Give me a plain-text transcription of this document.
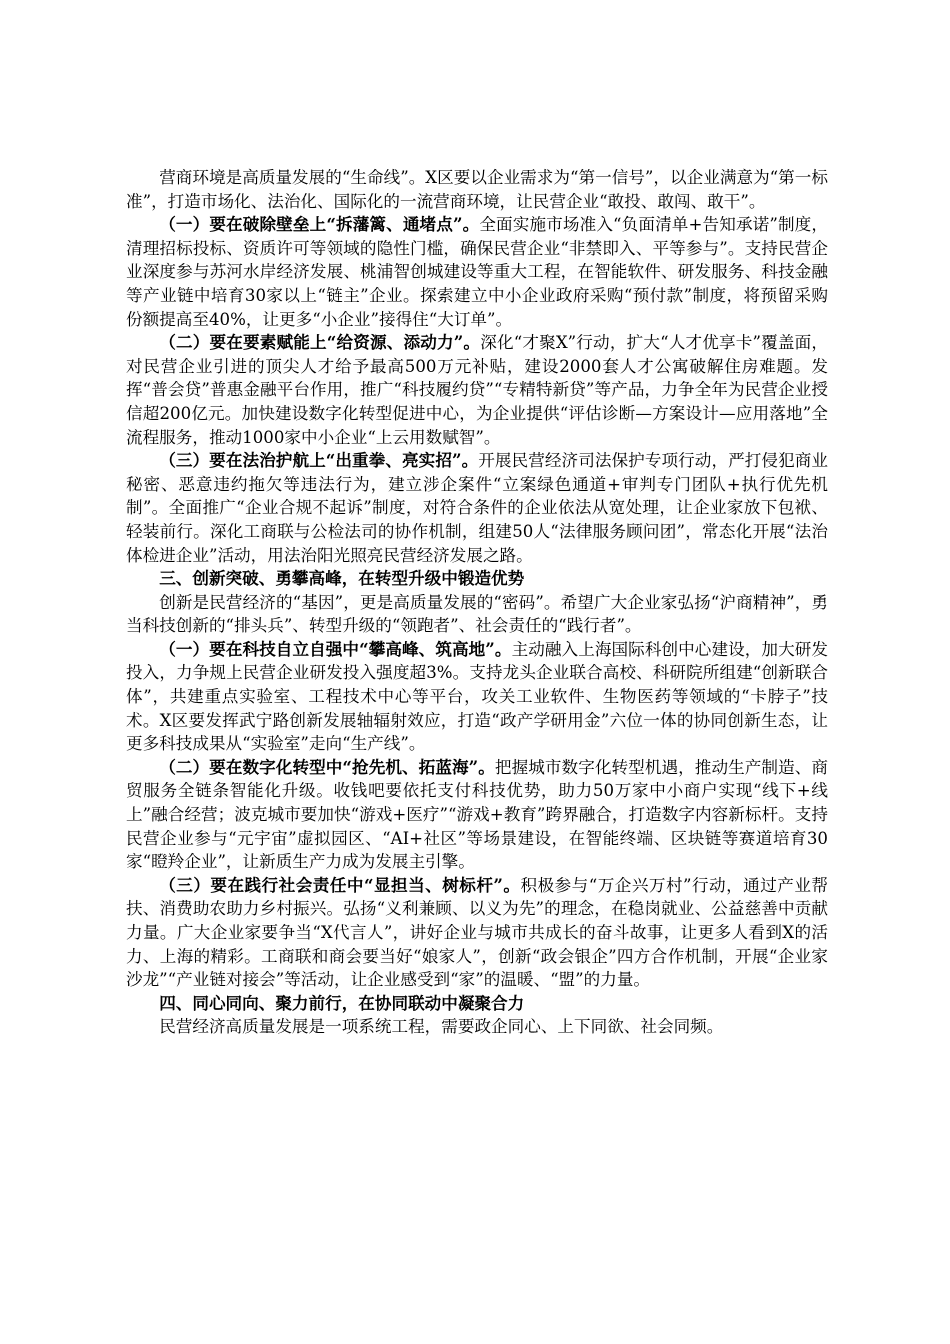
营商环境是高质量发展的“生命线”。X区要以企业需求为“第一信号”，以企业满意为“第一标准”，打造市场化、法治化、国际化的一流营商环境，让民营企业“敢投、敢闯、敢干”。

（一）要在破除壁垒上“拆藩篱、通堵点”。全面实施市场准入“负面清单+告知承诺”制度，清理招标投标、资质许可等领域的隐性门槛，确保民营企业“非禁即入、平等参与”。支持民营企业深度参与苏河水岸经济发展、桃浦智创城建设等重大工程，在智能软件、研发服务、科技金融等产业链中培育30家以上“链主”企业。探索建立中小企业政府采购“预付款”制度，将预留采购份额提高至40%，让更多“小企业”接得住“大订单”。

（二）要在要素赋能上“给资源、添动力”。深化“才聚X”行动，扩大“人才优享卡”覆盖面，对民营企业引进的顶尖人才给予最高500万元补贴，建设2000套人才公寓破解住房难题。发挥“普会贷”普惠金融平台作用，推广“科技履约贷”“专精特新贷”等产品，力争全年为民营企业授信超200亿元。加快建设数字化转型促进中心，为企业提供“评估诊断—方案设计—应用落地”全流程服务，推动1000家中小企业“上云用数赋智”。

（三）要在法治护航上“出重拳、亮实招”。开展民营经济司法保护专项行动，严打侵犯商业秘密、恶意违约拖欠等违法行为，建立涉企案件“立案绿色通道+审判专门团队+执行优先机制”。全面推广“企业合规不起诉”制度，对符合条件的企业依法从宽处理，让企业家放下包袱、轻装前行。深化工商联与公检法司的协作机制，组建50人“法律服务顾问团”，常态化开展“法治体检进企业”活动，用法治阳光照亮民营经济发展之路。

三、创新突破、勇攀高峰，在转型升级中锻造优势

创新是民营经济的“基因”，更是高质量发展的“密码”。希望广大企业家弘扬“沪商精神”，勇当科技创新的“排头兵”、转型升级的“领跑者”、社会责任的“践行者”。

（一）要在科技自立自强中“攀高峰、筑高地”。主动融入上海国际科创中心建设，加大研发投入，力争规上民营企业研发投入强度超3%。支持龙头企业联合高校、科研院所组建“创新联合体”，共建重点实验室、工程技术中心等平台，攻关工业软件、生物医药等领域的“卡脖子”技术。X区要发挥武宁路创新发展轴辐射效应，打造“政产学研用金”六位一体的协同创新生态，让更多科技成果从“实验室”走向“生产线”。

（二）要在数字化转型中“抢先机、拓蓝海”。把握城市数字化转型机遇，推动生产制造、商贸服务全链条智能化升级。收钱吧要依托支付科技优势，助力50万家中小商户实现“线下+线上”融合经营；波克城市要加快“游戏+医疗”“游戏+教育”跨界融合，打造数字内容新标杆。支持民营企业参与“元宇宙”虚拟园区、“AI+社区”等场景建设，在智能终端、区块链等赛道培育30家“瞪羚企业”，让新质生产力成为发展主引擎。

（三）要在践行社会责任中“显担当、树标杆”。积极参与“万企兴万村”行动，通过产业帮扶、消费助农助力乡村振兴。弘扬“义利兼顾、以义为先”的理念，在稳岗就业、公益慈善中贡献力量。广大企业家要争当“X代言人”，讲好企业与城市共成长的奋斗故事，让更多人看到X的活力、上海的精彩。工商联和商会要当好“娘家人”，创新“政会银企”四方合作机制，开展“企业家沙龙”“产业链对接会”等活动，让企业感受到“家”的温暖、“盟”的力量。

四、同心同向、聚力前行，在协同联动中凝聚合力

民营经济高质量发展是一项系统工程，需要政企同心、上下同欲、社会同频。
